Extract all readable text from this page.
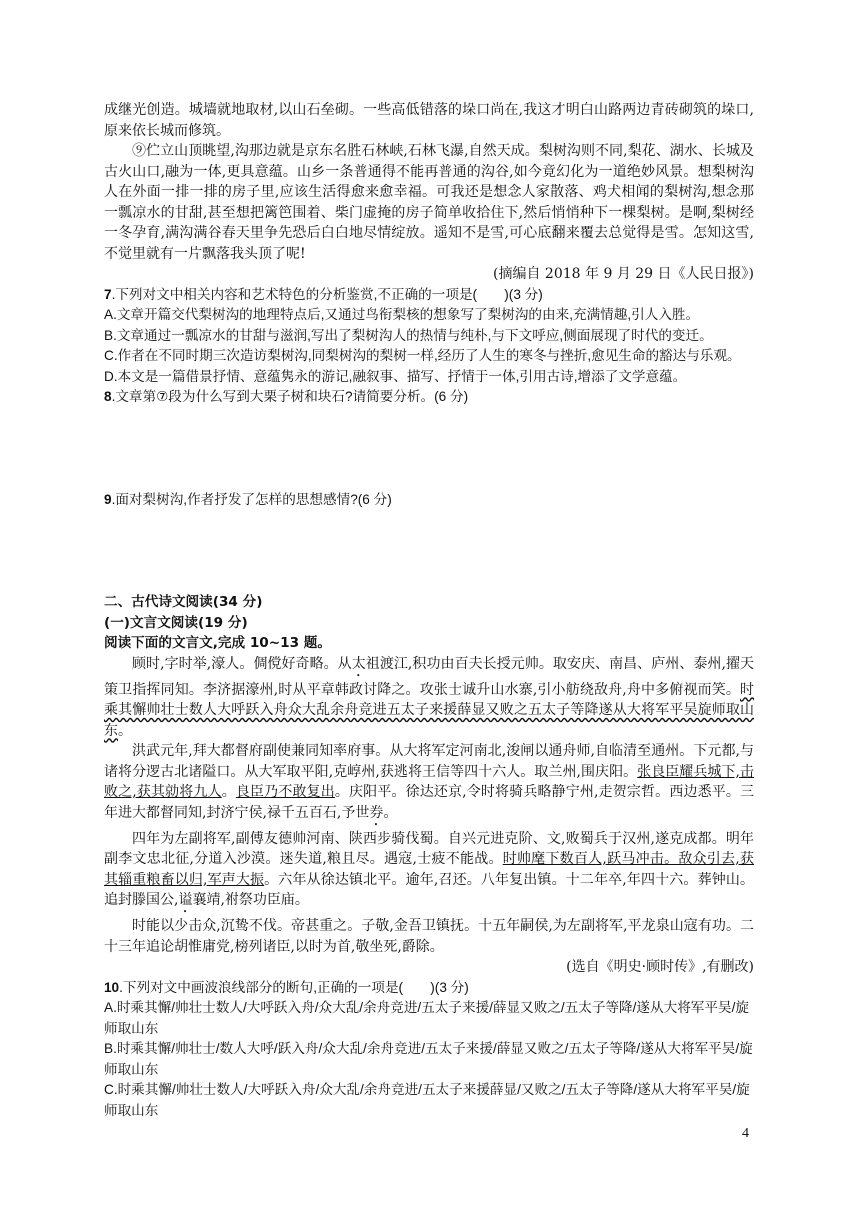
成继光创造。城墙就地取材,以山石垒砌。一些高低错落的垛口尚在,我这才明白山路两边青砖砌筑的垛口,原来依长城而修筑。

⑨伫立山顶眺望,沟那边就是京东名胜石林峡,石林飞瀑,自然天成。梨树沟则不同,梨花、湖水、长城及古火山口,融为一体,更具意蕴。山乡一条普通得不能再普通的沟谷,如今竟幻化为一道绝妙风景。想梨树沟人在外面一排一排的房子里,应该生活得愈来愈幸福。可我还是想念人家散落、鸡犬相闻的梨树沟,想念那一瓢凉水的甘甜,甚至想把篱笆围着、柴门虚掩的房子简单收拾住下,然后悄悄种下一棵梨树。是啊,梨树经一冬孕育,满沟满谷春天里争先恐后白白地尽情绽放。遥知不是雪,可心底翻来覆去总觉得是雪。怎知这雪,不觉里就有一片飘落我头顶了呢!

(摘编自 2018 年 9 月 29 日《人民日报》)

7.下列对文中相关内容和艺术特色的分析鉴赏,不正确的一项是(　　)(3 分)

A.文章开篇交代梨树沟的地理特点后,又通过鸟衔梨核的想象写了梨树沟的由来,充满情趣,引人入胜。

B.文章通过一瓢凉水的甘甜与滋润,写出了梨树沟人的热情与纯朴,与下文呼应,侧面展现了时代的变迁。

C.作者在不同时期三次造访梨树沟,同梨树沟的梨树一样,经历了人生的寒冬与挫折,愈见生命的豁达与乐观。

D.本文是一篇借景抒情、意蕴隽永的游记,融叙事、描写、抒情于一体,引用古诗,增添了文学意蕴。

8.文章第⑦段为什么写到大栗子树和块石?请简要分析。(6 分)

9.面对梨树沟,作者抒发了怎样的思想感情?(6 分)

二、古代诗文阅读(34 分)

(一)文言文阅读(19 分)

阅读下面的文言文,完成 10~13 题。

顾时,字时举,濠人。倜傥好奇略。从太祖渡江,积功由百夫长授元帅。取安庆、南昌、庐州、泰州,擢天策卫指挥同知。李济据濠州,时从平章韩政讨降之。攻张士诚升山水寨,引小舫绕敌舟,舟中多俯视而笑。时乘其懈帅壮士数人大呼跃入舟众大乱余舟竞进五太子来援薛显又败之五太子等降遂从大将军平吴旋师取山东。

洪武元年,拜大都督府副使兼同知率府事。从大将军定河南北,浚闸以通舟师,自临清至通州。下元都,与诸将分逻古北诸隘口。从大军取平阳,克崞州,获逃将王信等四十六人。取兰州,围庆阳。张良臣耀兵城下,击败之,获其勍将九人。良臣乃不敢复出。庆阳平。徐达还京,令时将骑兵略静宁州,走贺宗哲。西边悉平。三年进大都督同知,封济宁侯,禄千五百石,予世券。

四年为左副将军,副傅友德帅河南、陕西步骑伐蜀。自兴元进克阶、文,败蜀兵于汉州,遂克成都。明年副李文忠北征,分道入沙漠。迷失道,粮且尽。遇寇,士疲不能战。时帅麾下数百人,跃马冲击。敌众引去,获其辎重粮畜以归,军声大振。六年从徐达镇北平。逾年,召还。八年复出镇。十二年卒,年四十六。葬钟山。追封滕国公,谥襄靖,祔祭功臣庙。

时能以少击众,沉鸷不伐。帝甚重之。子敬,金吾卫镇抚。十五年嗣侯,为左副将军,平龙泉山寇有功。二十三年追论胡惟庸党,榜列诸臣,以时为首,敬坐死,爵除。

(选自《明史·顾时传》,有删改)

10.下列对文中画波浪线部分的断句,正确的一项是(　　)(3 分)

A.时乘其懈/帅壮士数人/大呼跃入舟/众大乱/余舟竞进/五太子来援/薛显又败之/五太子等降/遂从大将军平吴/旋师取山东

B.时乘其懈/帅壮士/数人大呼/跃入舟/众大乱/余舟竞进/五太子来援/薛显又败之/五太子等降/遂从大将军平吴/旋师取山东

C.时乘其懈/帅壮士数人/大呼跃入舟/众大乱/余舟竞进/五太子来援薛显/又败之/五太子等降/遂从大将军平吴/旋师取山东

4
